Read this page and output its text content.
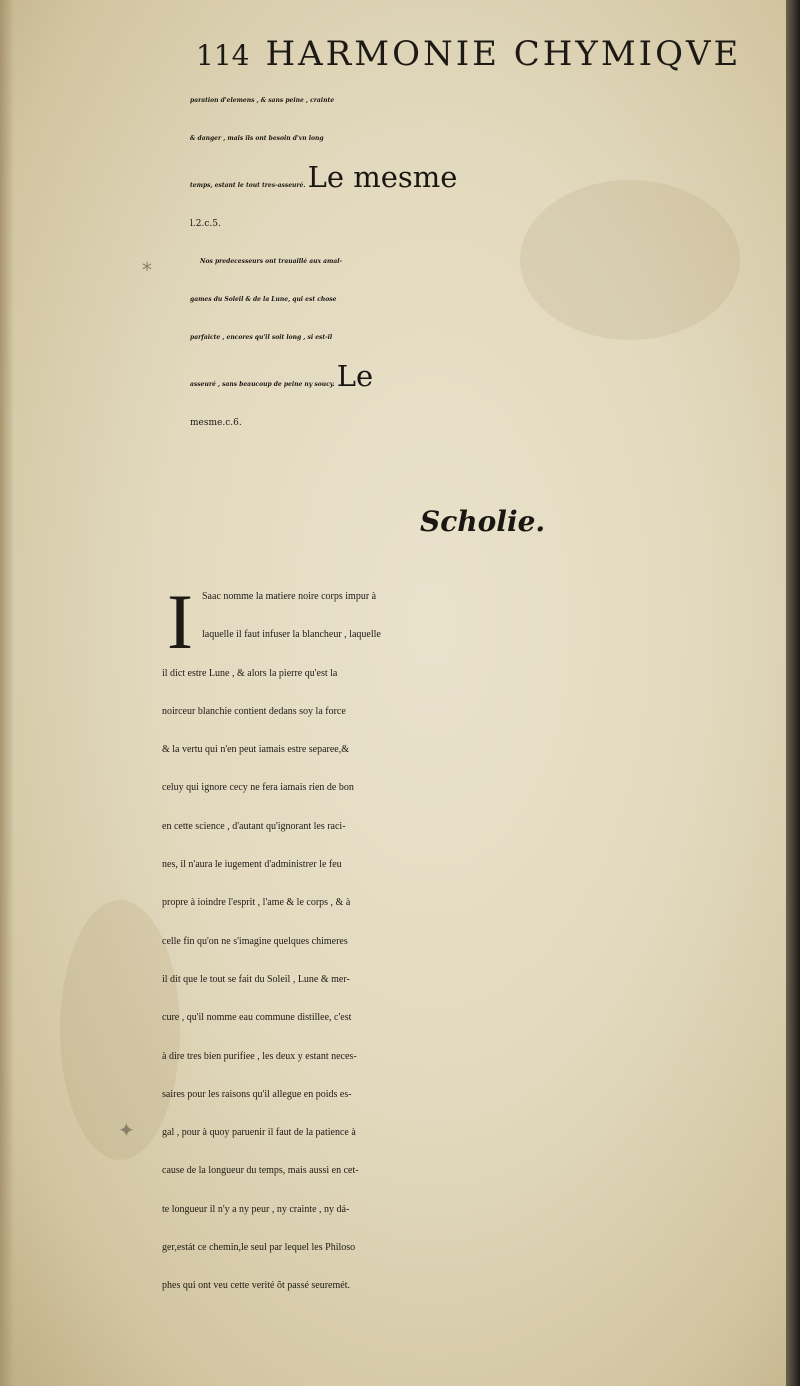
*
✦
114 HARMONIE CHYMIQVE
paration d'elemens , & sans peine , crainte
& danger , mais ils ont besoin d'vn long
temps, estant le tout tres-asseuré. Le mesme
l.2.c.5.
Nos predecesseurs ont trauaillé aux amal-
games du Soleil & de la Lune, qui est chose
parfaicte , encores qu'il soit long , si est-il
asseuré , sans beaucoup de peine ny soucy. Le
mesme.c.6.
Scholie.
I Saac nomme la matiere noire corps impur à
laquelle il faut infuser la blancheur , laquelle
il dict estre Lune , & alors la pierre qu'est la
noirceur blanchie contient dedans soy la force
& la vertu qui n'en peut iamais estre separee,&
celuy qui ignore cecy ne fera iamais rien de bon
en cette science , d'autant qu'ignorant les raci-
nes, il n'aura le iugement d'administrer le feu
propre à ioindre l'esprit , l'ame & le corps , & à
celle fin qu'on ne s'imagine quelques chimeres
il dit que le tout se fait du Soleil , Lune & mer-
cure , qu'il nomme eau commune distillee, c'est
à dire tres bien purifiee , les deux y estant neces-
saires pour les raisons qu'il allegue en poids es-
gal , pour à quoy paruenir il faut de la patience à
cause de la longueur du temps, mais aussi en cet-
te longueur il n'y a ny peur , ny crainte , ny dá-
ger,estát ce chemin,le seul par lequel les Philoso
phes qui ont veu cette verité õt passé seuremét.
